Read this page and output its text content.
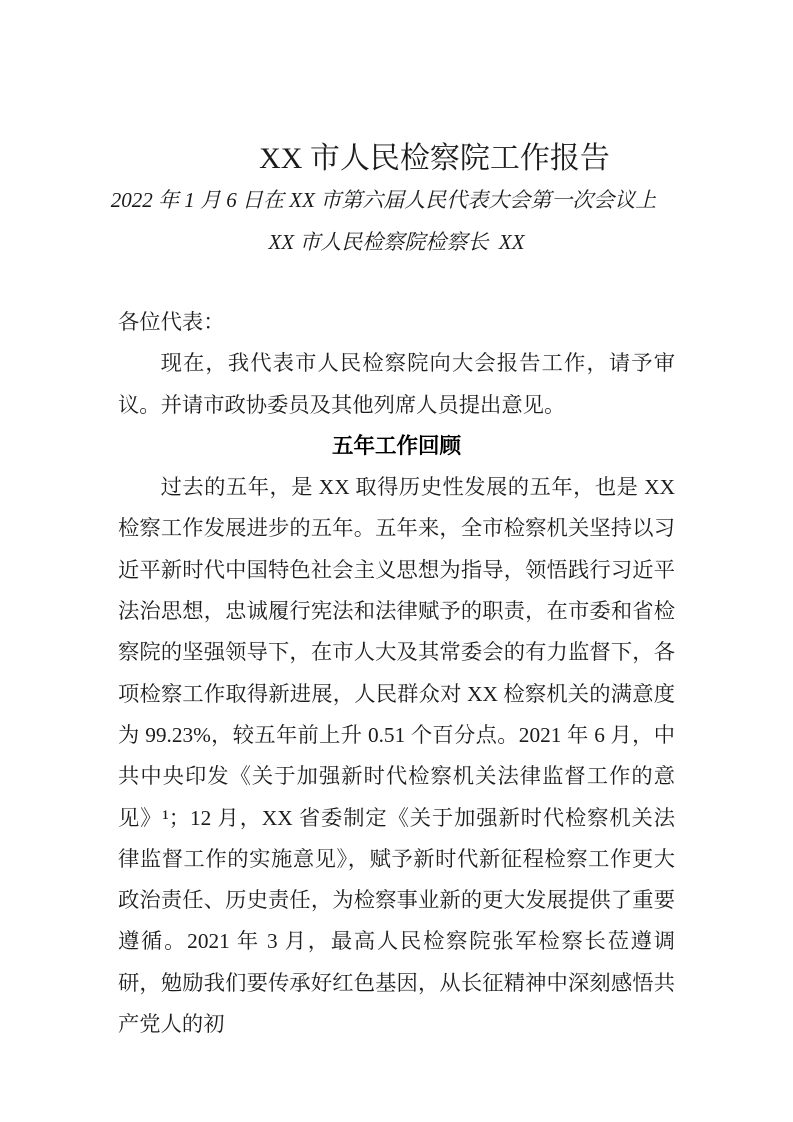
XX 市人民检察院工作报告
2022 年 1 月 6 日在 XX 市第六届人民代表大会第一次会议上
XX 市人民检察院检察长  XX

各位代表：

现在，我代表市人民检察院向大会报告工作，请予审议。并请市政协委员及其他列席人员提出意见。

五年工作回顾

过去的五年，是 XX 取得历史性发展的五年，也是 XX 检察工作发展进步的五年。五年来，全市检察机关坚持以习近平新时代中国特色社会主义思想为指导，领悟践行习近平法治思想，忠诚履行宪法和法律赋予的职责，在市委和省检察院的坚强领导下，在市人大及其常委会的有力监督下，各项检察工作取得新进展，人民群众对 XX 检察机关的满意度为 99.23%，较五年前上升 0.51 个百分点。2021 年 6 月，中共中央印发《关于加强新时代检察机关法律监督工作的意见》¹；12 月，XX 省委制定《关于加强新时代检察机关法律监督工作的实施意见》，赋予新时代新征程检察工作更大政治责任、历史责任，为检察事业新的更大发展提供了重要遵循。2021 年 3 月，最高人民检察院张军检察长莅遵调研，勉励我们要传承好红色基因，从长征精神中深刻感悟共产党人的初
